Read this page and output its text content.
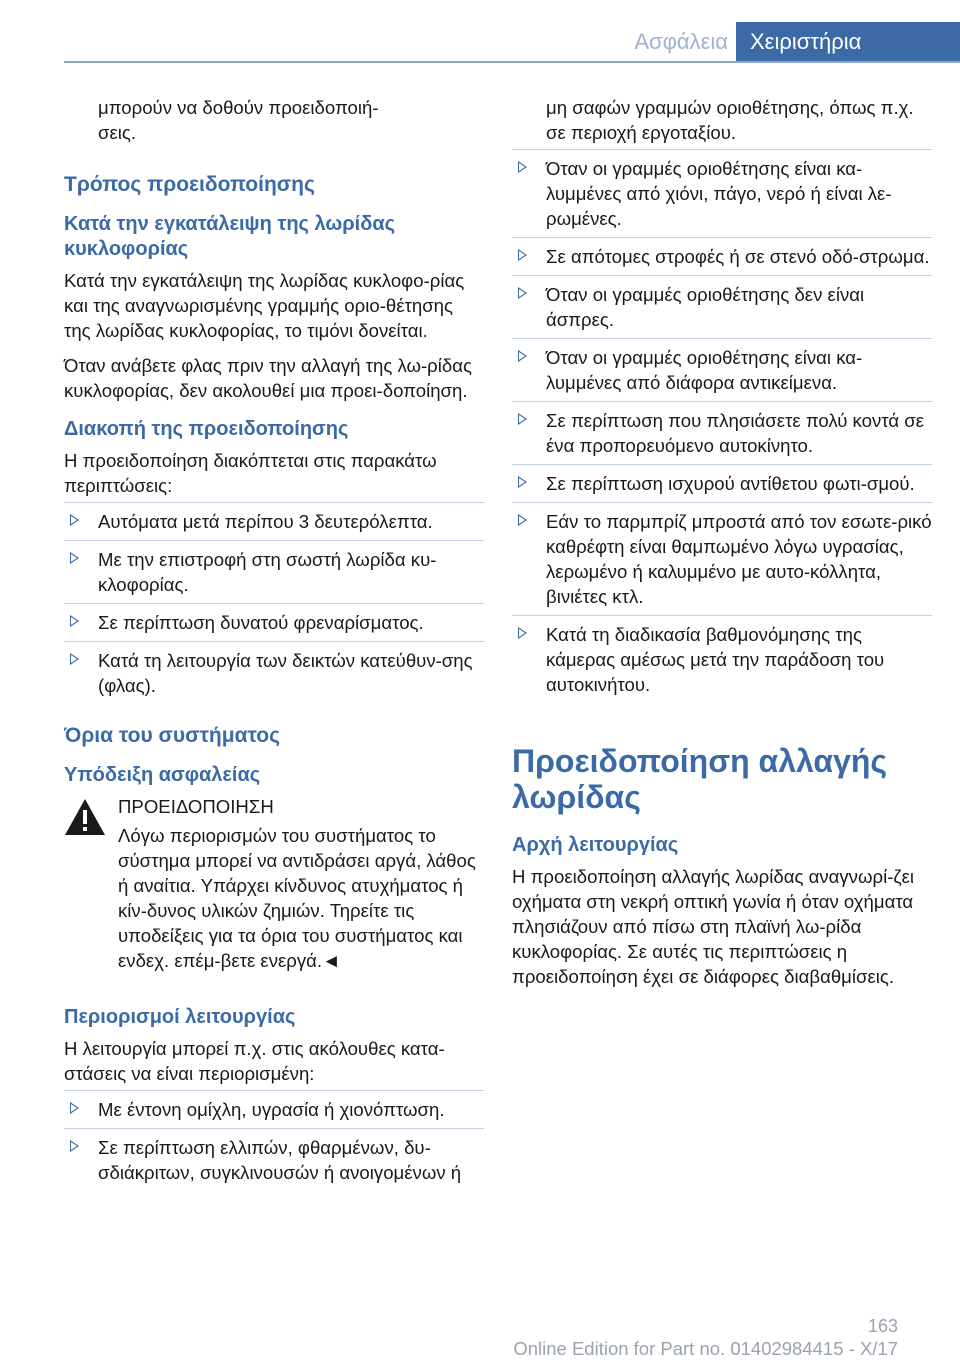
Ασφάλεια	Χειριστήρια

μπορούν να δοθούν προειδοποιή-
σεις.

Τρόπος προειδοποίησης
Κατά την εγκατάλειψη της λωρίδας κυκλοφορίας

Κατά την εγκατάλειψη της λωρίδας κυκλοφο-ρίας και της αναγνωρισμένης γραμμής οριο-θέτησης της λωρίδας κυκλοφορίας, το τιμόνι δονείται.

Όταν ανάβετε φλας πριν την αλλαγή της λω-ρίδας κυκλοφορίας, δεν ακολουθεί μια προει-δοποίηση.

Διακοπή της προειδοποίησης

Η προειδοποίηση διακόπτεται στις παρακάτω περιπτώσεις:

Αυτόματα μετά περίπου 3 δευτερόλεπτα.
Με την επιστροφή στη σωστή λωρίδα κυ-κλοφορίας.
Σε περίπτωση δυνατού φρεναρίσματος.
Κατά τη λειτουργία των δεικτών κατεύθυν-σης (φλας).
Όρια του συστήματος
Υπόδειξη ασφαλείας
ΠΡΟΕΙΔΟΠΟΙΗΣΗ

Λόγω περιορισμών του συστήματος το σύστημα μπορεί να αντιδράσει αργά, λάθος ή αναίτια. Υπάρχει κίνδυνος ατυχήματος ή κίν-δυνος υλικών ζημιών. Τηρείτε τις υποδείξεις για τα όρια του συστήματος και ενδεχ. επέμ-βετε ενεργά.◄

Περιορισμοί λειτουργίας

Η λειτουργία μπορεί π.χ. στις ακόλουθες κατα-στάσεις να είναι περιορισμένη:

Με έντονη ομίχλη, υγρασία ή χιονόπτωση.
Σε περίπτωση ελλιπών, φθαρμένων, δυ-σδιάκριτων, συγκλινουσών ή ανοιγομένων ή

μη σαφών γραμμών οριοθέτησης, όπως π.χ. σε περιοχή εργοταξίου.

Όταν οι γραμμές οριοθέτησης είναι κα-λυμμένες από χιόνι, πάγο, νερό ή είναι λε-ρωμένες.
Σε απότομες στροφές ή σε στενό οδό-στρωμα.
Όταν οι γραμμές οριοθέτησης δεν είναι άσπρες.
Όταν οι γραμμές οριοθέτησης είναι κα-λυμμένες από διάφορα αντικείμενα.
Σε περίπτωση που πλησιάσετε πολύ κοντά σε ένα προπορευόμενο αυτοκίνητο.
Σε περίπτωση ισχυρού αντίθετου φωτι-σμού.
Εάν το παρμπρίζ μπροστά από τον εσωτε-ρικό καθρέφτη είναι θαμπωμένο λόγω υγρασίας, λερωμένο ή καλυμμένο με αυτο-κόλλητα, βινιέτες κτλ.
Κατά τη διαδικασία βαθμονόμησης της κάμερας αμέσως μετά την παράδοση του αυτοκινήτου.
Προειδοποίηση αλλαγής λωρίδας
Αρχή λειτουργίας

Η προειδοποίηση αλλαγής λωρίδας αναγνωρί-ζει οχήματα στη νεκρή οπτική γωνία ή όταν οχήματα πλησιάζουν από πίσω στη πλαϊνή λω-ρίδα κυκλοφορίας. Σε αυτές τις περιπτώσεις η προειδοποίηση έχει σε διάφορες διαβαθμίσεις.

163
Online Edition for Part no. 01402984415 - X/17
